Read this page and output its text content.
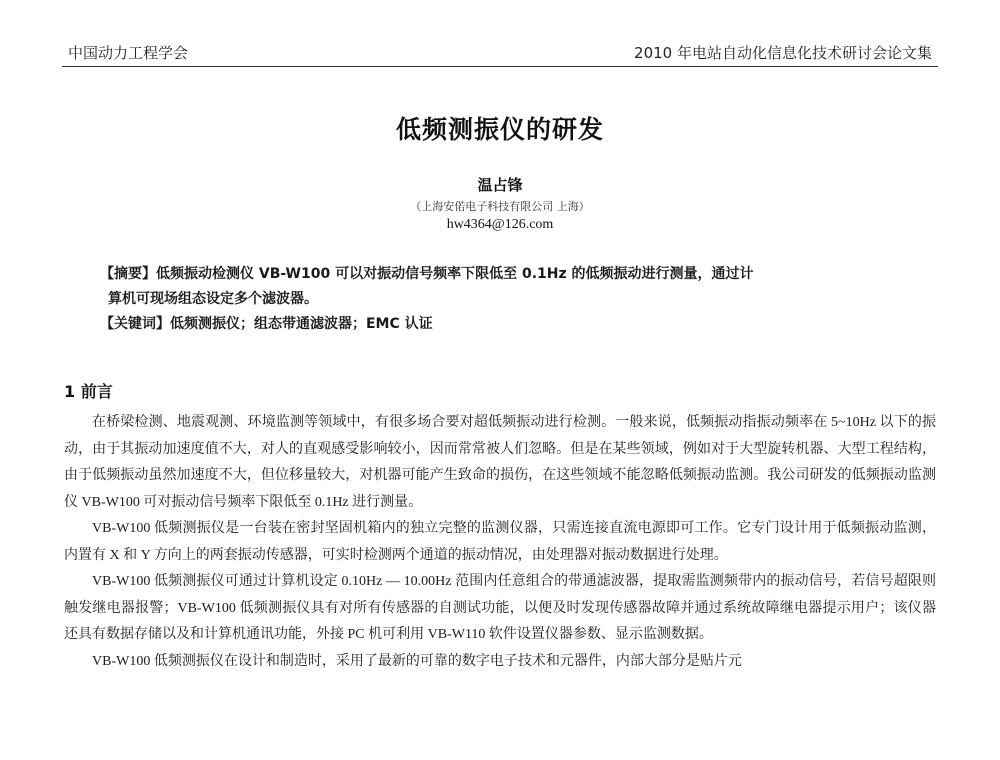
中国动力工程学会	2010 年电站自动化信息化技术研讨会论文集
低频测振仪的研发
温占锋
（上海安偌电子科技有限公司 上海）
hw4364@126.com

【摘要】低频振动检测仪 VB-W100 可以对振动信号频率下限低至 0.1Hz 的低频振动进行测量，通过计

算机可现场组态设定多个滤波器。

【关键词】低频测振仪；组态带通滤波器；EMC 认证

1 前言

在桥梁检测、地震观测、环境监测等领域中，有很多场合要对超低频振动进行检测。一般来说，低频振动指振动频率在 5~10Hz 以下的振动，由于其振动加速度值不大，对人的直观感受影响较小，因而常常被人们忽略。但是在某些领域，例如对于大型旋转机器、大型工程结构，由于低频振动虽然加速度不大，但位移量较大，对机器可能产生致命的损伤，在这些领域不能忽略低频振动监测。我公司研发的低频振动监测仪 VB-W100 可对振动信号频率下限低至 0.1Hz 进行测量。

VB-W100 低频测振仪是一台装在密封坚固机箱内的独立完整的监测仪器，只需连接直流电源即可工作。它专门设计用于低频振动监测，内置有 X 和 Y 方向上的两套振动传感器，可实时检测两个通道的振动情况，由处理器对振动数据进行处理。

VB-W100 低频测振仪可通过计算机设定 0.10Hz — 10.00Hz 范围内任意组合的带通滤波器，提取需监测频带内的振动信号，若信号超限则触发继电器报警；VB-W100 低频测振仪具有对所有传感器的自测试功能，以便及时发现传感器故障并通过系统故障继电器提示用户；该仪器还具有数据存储以及和计算机通讯功能，外接 PC 机可利用 VB-W110 软件设置仪器参数、显示监测数据。

VB-W100 低频测振仪在设计和制造时，采用了最新的可靠的数字电子技术和元器件，内部大部分是贴片元
